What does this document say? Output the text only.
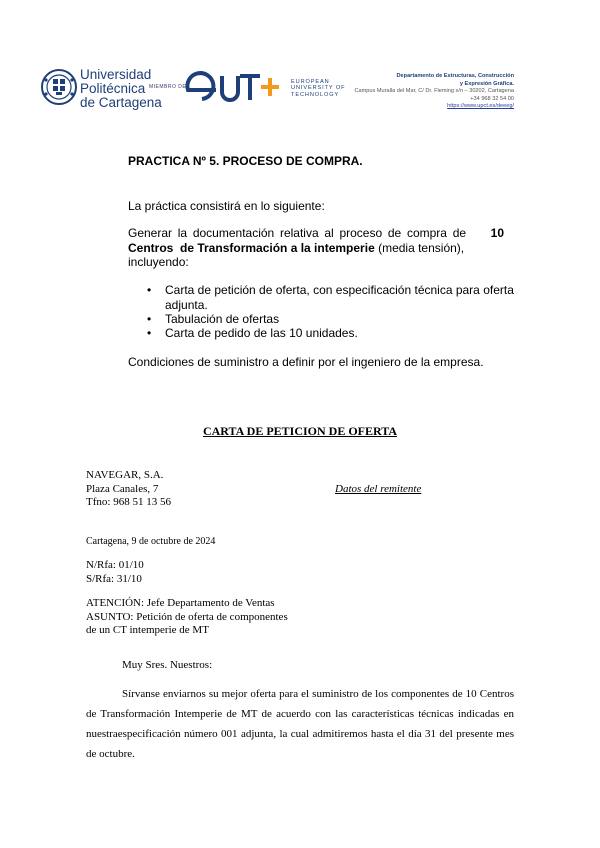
Universidad
Politécnica
de Cartagena
MIEMBRO DE
EUROPEAN
UNIVERSITY OF
TECHNOLOGY
Departamento de Estructuras, Construcción
y Expresión Gráfica.
Campus Muralla del Mar, C/ Dr. Fleming s/n – 30202, Cartagena
+34 968 32 54 00
https://www.upct.es/deeeg/
PRACTICA Nº 5. PROCESO DE COMPRA.
La práctica consistirá en lo siguiente:
Generar la documentación relativa al proceso de compra de 10
Centros  de Transformación a la intemperie (media tensión),
incluyendo:
• Carta de petición de oferta, con especificación técnica para oferta
adjunta.
• Tabulación de ofertas
• Carta de pedido de las 10 unidades.
Condiciones de suministro a definir por el ingeniero de la empresa.
CARTA DE PETICION DE OFERTA
NAVEGAR, S.A.
Plaza Canales, 7
Tfno: 968 51 13 56
Datos del remitente
Cartagena, 9 de octubre de 2024
N/Rfa: 01/10
S/Rfa: 31/10
ATENCIÓN: Jefe Departamento de Ventas
ASUNTO: Petición de oferta de componentes
de un CT intemperie de MT
Muy Sres. Nuestros:
Sírvanse enviarnos su mejor oferta para el suministro de los componentes de 10 Centros
de Transformación Intemperie de MT de acuerdo con las características técnicas indicadas en
nuestraespecificación número 001 adjunta, la cual admitiremos hasta el día 31 del presente mes
de octubre.
